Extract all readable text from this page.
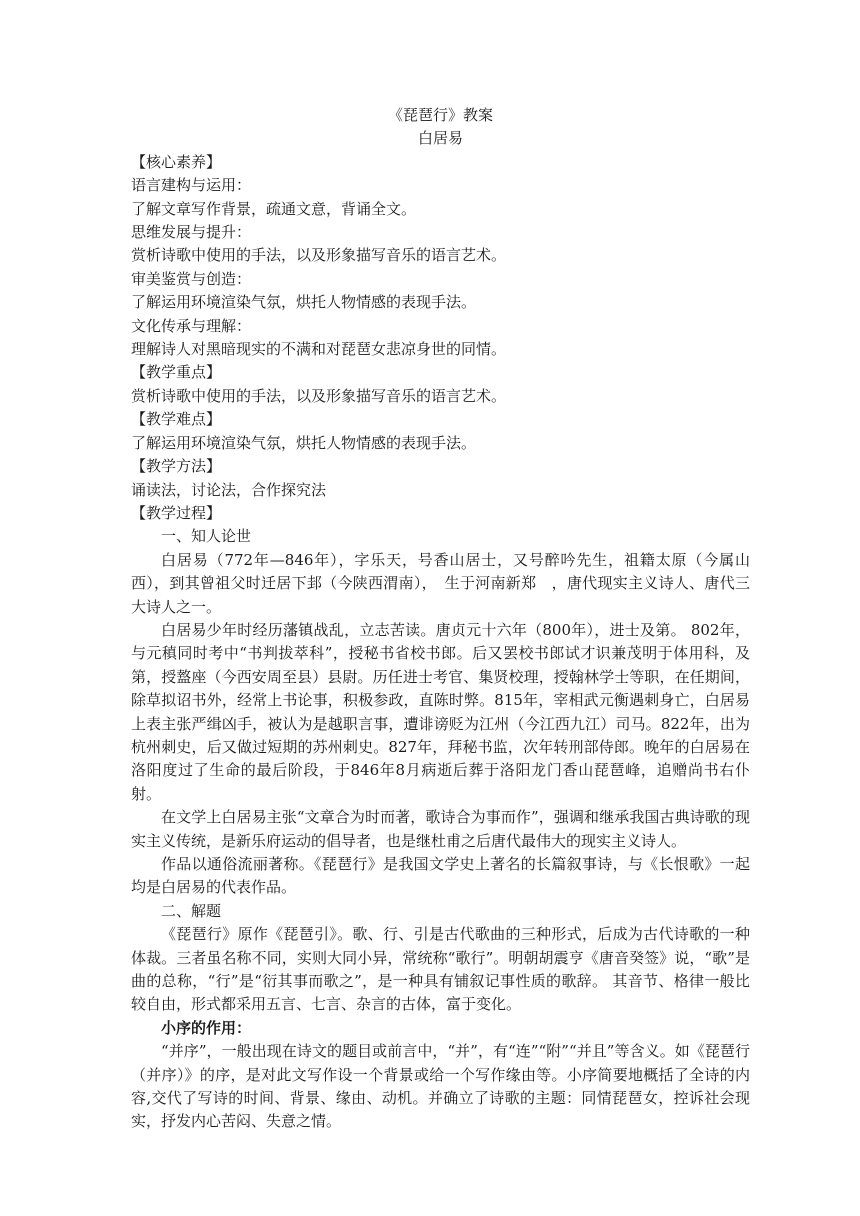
《琵琶行》教案
白居易
【核心素养】
语言建构与运用：
了解文章写作背景，疏通文意，背诵全文。
思维发展与提升：
赏析诗歌中使用的手法，以及形象描写音乐的语言艺术。
审美鉴赏与创造：
了解运用环境渲染气氛，烘托人物情感的表现手法。
文化传承与理解：
理解诗人对黑暗现实的不满和对琵琶女悲凉身世的同情。
【教学重点】
赏析诗歌中使用的手法，以及形象描写音乐的语言艺术。
【教学难点】
了解运用环境渲染气氛，烘托人物情感的表现手法。
【教学方法】
诵读法，讨论法，合作探究法
【教学过程】
一、知人论世

白居易（772年—846年），字乐天，号香山居士，又号醉吟先生，祖籍太原（今属山西），到其曾祖父时迁居下邽（今陕西渭南），　生于河南新郑　，唐代现实主义诗人、唐代三大诗人之一。

白居易少年时经历藩镇战乱，立志苦读。唐贞元十六年（800年），进士及第。 802年，与元稹同时考中“书判拔萃科”，授秘书省校书郎。后又罢校书郎试才识兼茂明于体用科，及第，授盩座（今西安周至县）县尉。历任进士考官、集贤校理，授翰林学士等职，在任期间，除草拟诏书外，经常上书论事，积极参政，直陈时弊。815年，宰相武元衡遇刺身亡，白居易上表主张严缉凶手，被认为是越职言事，遭诽谤贬为江州（今江西九江）司马。822年，出为杭州刺史，后又做过短期的苏州刺史。827年，拜秘书监，次年转刑部侍郎。晚年的白居易在洛阳度过了生命的最后阶段，于846年8月病逝后葬于洛阳龙门香山琵琶峰，追赠尚书右仆射。

在文学上白居易主张“文章合为时而著，歌诗合为事而作”，强调和继承我国古典诗歌的现实主义传统，是新乐府运动的倡导者，也是继杜甫之后唐代最伟大的现实主义诗人。

作品以通俗流丽著称。《琵琶行》是我国文学史上著名的长篇叙事诗，与《长恨歌》一起均是白居易的代表作品。

二、解题

《琵琶行》原作《琵琶引》。歌、行、引是古代歌曲的三种形式，后成为古代诗歌的一种体裁。三者虽名称不同，实则大同小异，常统称“歌行”。明朝胡震亨《唐音癸签》说，“歌”是曲的总称，“行”是“衍其事而歌之”，是一种具有铺叙记事性质的歌辞。 其音节、格律一般比较自由，形式都采用五言、七言、杂言的古体，富于变化。

小序的作用：

“并序”，一般出现在诗文的题目或前言中，“并”，有“连”“附”“并且”等含义。如《琵琶行（并序）》的序，是对此文写作设一个背景或给一个写作缘由等。小序简要地概括了全诗的内容,交代了写诗的时间、背景、缘由、动机。并确立了诗歌的主题：同情琵琶女，控诉社会现实，抒发内心苦闷、失意之情。
